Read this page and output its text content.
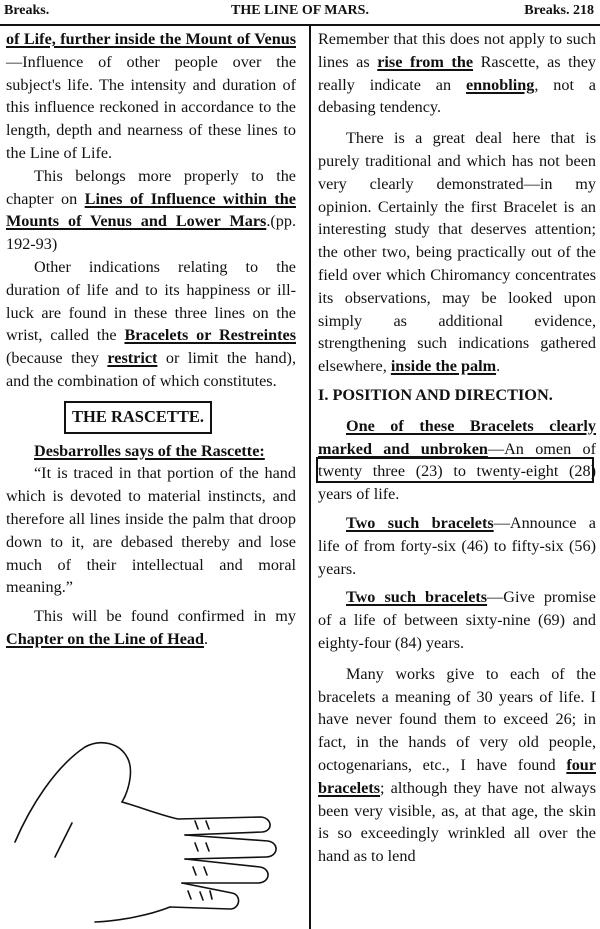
Breaks.	THE LINE OF MARS.	Breaks. 218

of Life, further inside the Mount of Venus—Influence of other people over the subject's life. The intensity and duration of this influence reckoned in accordance to the length, depth and nearness of these lines to the Line of Life.

This belongs more properly to the chapter on Lines of Influence within the Mounts of Venus and Lower Mars.(pp. 192-93)

Other indications relating to the duration of life and to its happiness or ill-luck are found in these three lines on the wrist, called the Bracelets or Restreintes (because they restrict or limit the hand), and the combination of which constitutes.

THE RASCETTE.

Desbarrolles says of the Rascette:

“It is traced in that portion of the hand which is devoted to material instincts, and therefore all lines inside the palm that droop down to it, are debased thereby and lose much of their intellectual and moral meaning.”

This will be found confirmed in my Chapter on the Line of Head.

Remember that this does not apply to such lines as rise from the Rascette, as they really indicate an ennobling, not a debasing tendency.

There is a great deal here that is purely traditional and which has not been very clearly demonstrated—in my opinion. Certainly the first Bracelet is an interesting study that deserves attention; the other two, being practically out of the field over which Chiromancy concentrates its observations, may be looked upon simply as additional evidence, strengthening such indications gathered elsewhere, inside the palm.

I. POSITION AND DIRECTION.

One of these Bracelets clearly marked and unbroken—An omen of twenty three (23) to twenty-eight (28) years of life.

Two such bracelets—Announce a life of from forty-six (46) to fifty-six (56) years.

Two such bracelets—Give promise of a life of between sixty-nine (69) and eighty-four (84) years.

Many works give to each of the bracelets a meaning of 30 years of life. I have never found them to exceed 26; in fact, in the hands of very old people, octogenarians, etc., I have found four bracelets; although they have not always been very visible, as, at that age, the skin is so exceedingly wrinkled all over the hand as to lend
